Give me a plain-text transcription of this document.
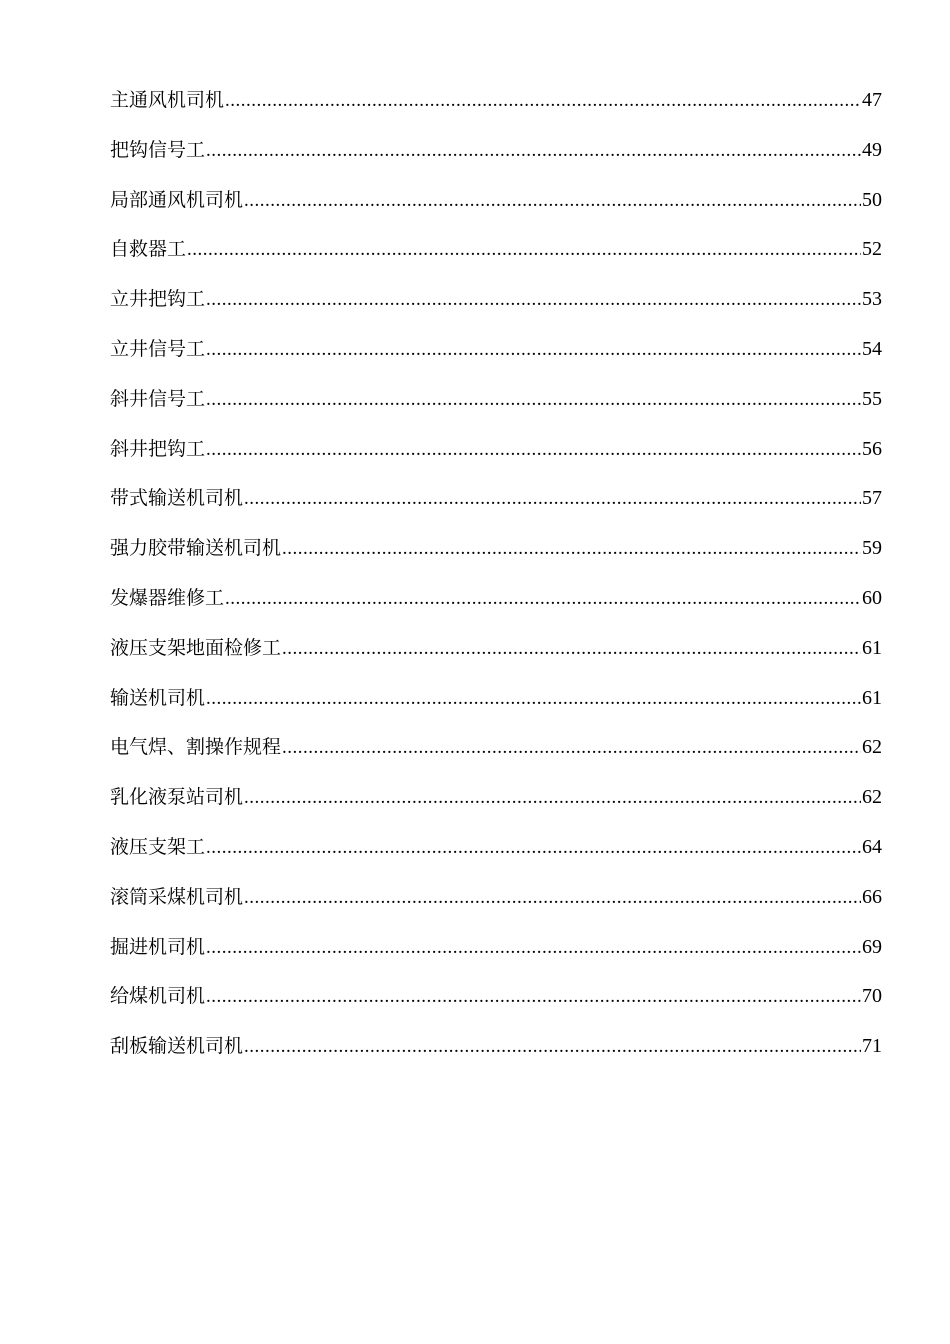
主通风机司机 .....	47
把钩信号工 .....	49
局部通风机司机 .....	50
自救器工 .....	52
立井把钩工 .....	53
立井信号工 .....	54
斜井信号工 .....	55
斜井把钩工 .....	56
带式输送机司机 .....	57
强力胶带输送机司机 .....	59
发爆器维修工 .....	60
液压支架地面检修工 .....	61
输送机司机 .....	61
电气焊、割操作规程 .....	62
乳化液泵站司机 .....	62
液压支架工 .....	64
滚筒采煤机司机 .....	66
掘进机司机 .....	69
给煤机司机 .....	70
刮板输送机司机 .....	71
